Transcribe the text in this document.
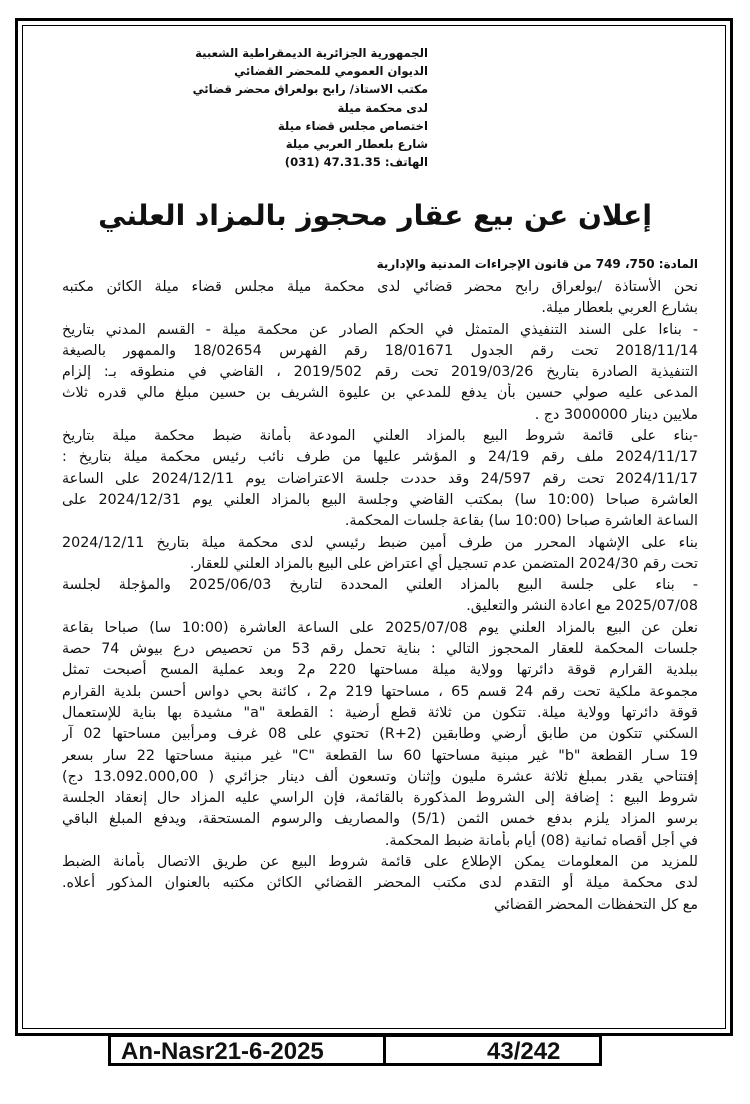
الجمهورية الجزائرية الديمقراطية الشعبية
الديوان العمومي للمحضر القضائي
مكتب الاستاذ/ رابح بولعراق محضر قضائي
لدى محكمة ميلة
اختصاص مجلس قضاء ميلة
شارع بلعطار العربي ميلة
الهاتف: 47.31.35 (031)
إعلان عن بيع عقار محجوز بالمزاد العلني
المادة: 750، 749 من قانون الإجراءات المدنية والإدارية
نحن الأستاذة /بولعراق رابح محضر قضائي لدى محكمة ميلة مجلس قضاء ميلة الكائن مكتبه
بشارع العربي بلعطار ميلة.
- بناءا على السند التنفيذي المتمثل في الحكم الصادر عن محكمة ميلة - القسم المدني بتاريخ
2018/11/14 تحت رقم الجدول 18/01671 رقم الفهرس 18/02654 والممهور بالصيغة
التنفيذية الصادرة بتاريخ 2019/03/26 تحت رقم 2019/502 ، القاضي في منطوقه بـ: إلزام
المدعى عليه صولي حسين بأن يدفع للمدعي بن عليوة الشريف بن حسين مبلغ مالي قدره ثلاث
ملايين دينار 3000000 دج .
-بناء على قائمة شروط البيع بالمزاد العلني المودعة بأمانة ضبط محكمة ميلة بتاريخ
2024/11/17 ملف رقم 24/19 و المؤشر عليها من طرف نائب رئيس محكمة ميلة بتاريخ :
2024/11/17 تحت رقم 24/597 وقد حددت جلسة الاعتراضات يوم 2024/12/11 على الساعة
العاشرة صباحا (10:00 سا) بمكتب القاضي وجلسة البيع بالمزاد العلني يوم 2024/12/31 على
الساعة العاشرة صباحا (10:00 سا) بقاعة جلسات المحكمة.
بناء على الإشهاد المحرر من طرف أمين ضبط رئيسي لدى محكمة ميلة بتاريخ 2024/12/11
تحت رقم 2024/30 المتضمن عدم تسجيل أي اعتراض على البيع بالمزاد العلني للعقار.
- بناء على جلسة البيع بالمزاد العلني المحددة لتاريخ 2025/06/03 والمؤجلة لجلسة
2025/07/08 مع اعادة النشر والتعليق.
نعلن عن البيع بالمزاد العلني يوم 2025/07/08 على الساعة العاشرة (10:00 سا) صباحا بقاعة
جلسات المحكمة للعقار المحجوز التالي : بناية تحمل رقم 53 من تحصيص درع بيوش 74 حصة
ببلدية القرارم قوقة دائرتها وولاية ميلة مساحتها 220 م2 وبعد عملية المسح أصبحت تمثل
مجموعة ملكية تحت رقم 24 قسم 65 ، مساحتها 219 م2 ، كائنة بحي دواس أحسن بلدية القرارم
قوقة دائرتها وولاية ميلة. تتكون من ثلاثة قطع أرضية : القطعة "a" مشيدة بها بناية للإستعمال
السكني تتكون من طابق أرضي وطابقين (R+2) تحتوي على 08 غرف ومرأبين مساحتها 02 آر
19 سـار القطعة "b" غير مبنية مساحتها 60 سا القطعة "C" غير مبنية مساحتها 22 سار بسعر
إفتتاحي يقدر بمبلغ ثلاثة عشرة مليون وإثنان وتسعون ألف دينار جزائري ( 13.092.000,00 دج)
شروط البيع : إضافة إلى الشروط المذكورة بالقائمة، فإن الراسي عليه المزاد حال إنعقاد الجلسة
برسو المزاد يلزم بدفع خمس الثمن (5/1) والمصاريف والرسوم المستحقة، ويدفع المبلغ الباقي
في أجل أقصاه ثمانية (08) أيام بأمانة ضبط المحكمة.
للمزيد من المعلومات يمكن الإطلاع على قائمة شروط البيع عن طريق الاتصال بأمانة الضبط
لدى محكمة ميلة أو التقدم لدى مكتب المحضر القضائي الكائن مكتبه بالعنوان المذكور أعلاه.
مع كل التحفظات المحضر القضائي
An-Nasr21-6-2025	43/242
